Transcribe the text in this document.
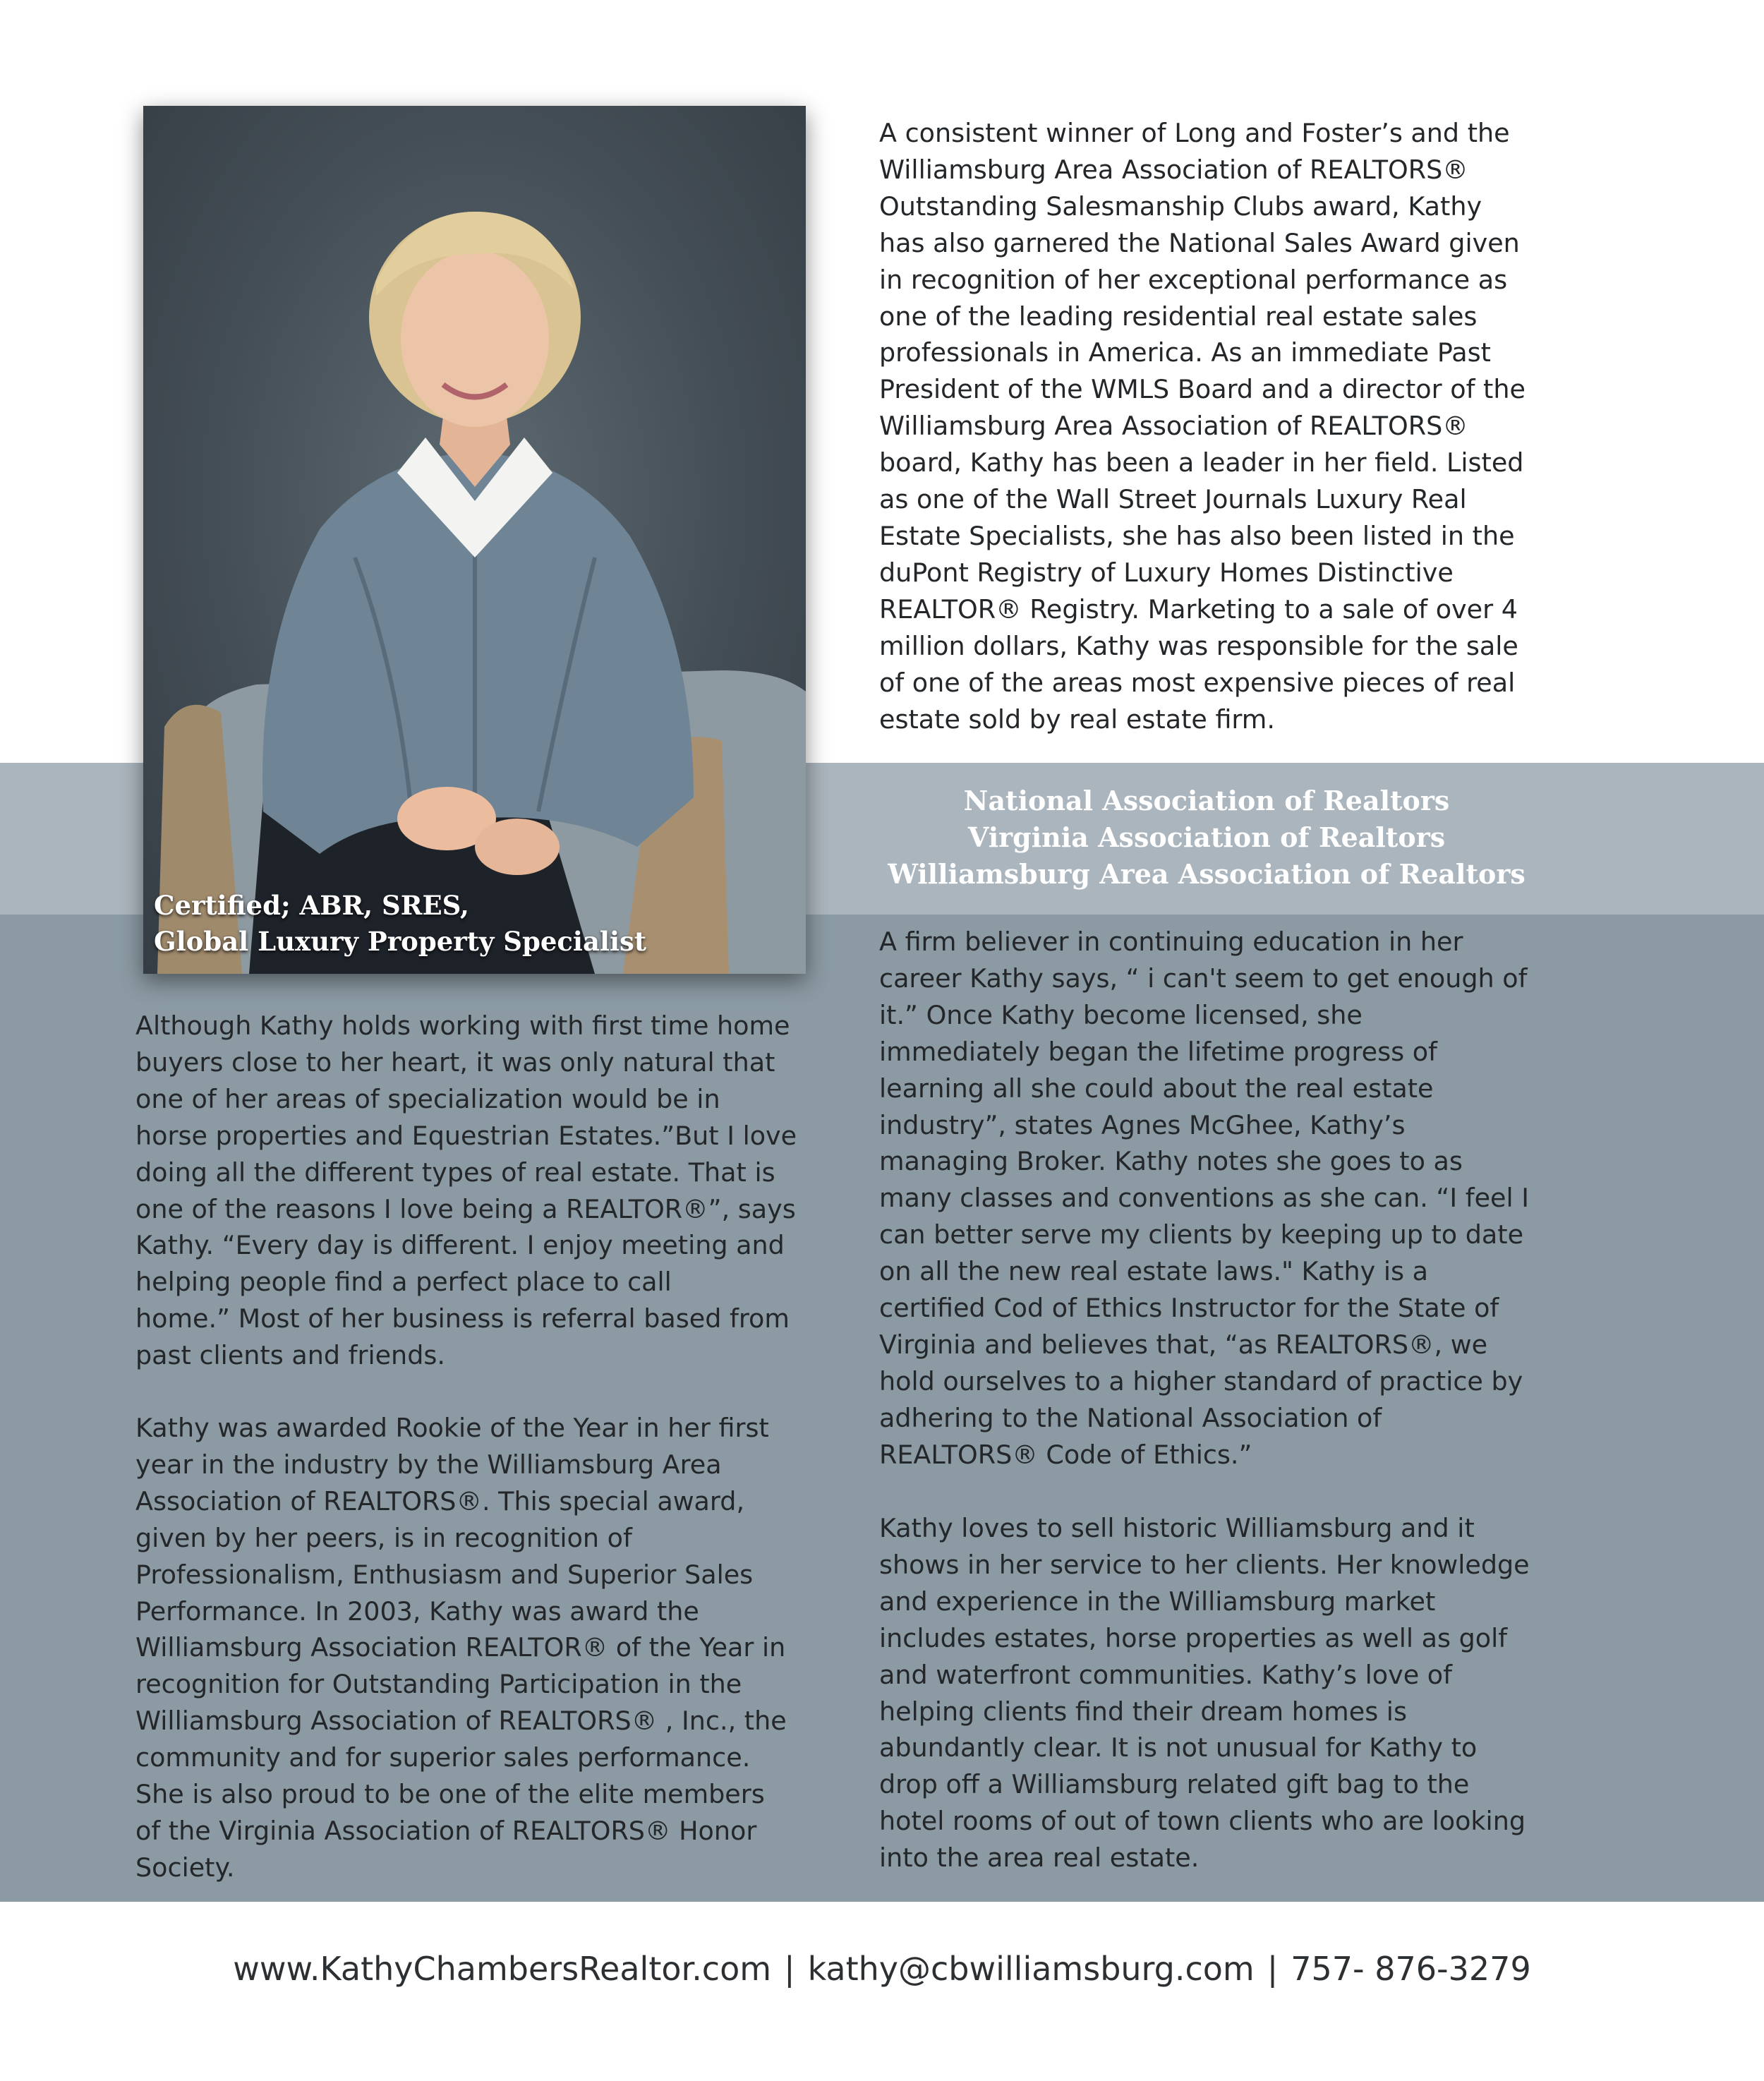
Certified; ABR, SRES,
Global Luxury Property Specialist

A consistent winner of Long and Foster’s and the
Williamsburg Area Association of REALTORS®
Outstanding Salesmanship Clubs award, Kathy
has also garnered the National Sales Award given
in recognition of her exceptional performance as
one of the leading residential real estate sales
professionals in America. As an immediate Past
President of the WMLS Board and a director of the
Williamsburg Area Association of REALTORS®
board, Kathy has been a leader in her field. Listed
as one of the Wall Street Journals Luxury Real
Estate Specialists, she has also been listed in the
duPont Registry of Luxury Homes Distinctive
REALTOR® Registry. Marketing to a sale of over 4
million dollars, Kathy was responsible for the sale
of one of the areas most expensive pieces of real
estate sold by real estate firm.

National Association of Realtors
Virginia Association of Realtors
Williamsburg Area Association of Realtors

Although Kathy holds working with first time home
buyers close to her heart, it was only natural that
one of her areas of specialization would be in
horse properties and Equestrian Estates.”But I love
doing all the different types of real estate. That is
one of the reasons I love being a REALTOR®”, says
Kathy. “Every day is different. I enjoy meeting and
helping people find a perfect place to call
home.” Most of her business is referral based from
past clients and friends.

Kathy was awarded Rookie of the Year in her first
year in the industry by the Williamsburg Area
Association of REALTORS®. This special award,
given by her peers, is in recognition of
Professionalism, Enthusiasm and Superior Sales
Performance. In 2003, Kathy was award the
Williamsburg Association REALTOR® of the Year in
recognition for Outstanding Participation in the
Williamsburg Association of REALTORS® , Inc., the
community and for superior sales performance.
She is also proud to be one of the elite members
of the Virginia Association of REALTORS® Honor
Society.

A firm believer in continuing education in her
career Kathy says, “ i can't seem to get enough of
it.” Once Kathy become licensed, she
immediately began the lifetime progress of
learning all she could about the real estate
industry”, states Agnes McGhee, Kathy’s
managing Broker. Kathy notes she goes to as
many classes and conventions as she can. “I feel I
can better serve my clients by keeping up to date
on all the new real estate laws." Kathy is a
certified Cod of Ethics Instructor for the State of
Virginia and believes that, “as REALTORS®, we
hold ourselves to a higher standard of practice by
adhering to the National Association of
REALTORS® Code of Ethics.”

Kathy loves to sell historic Williamsburg and it
shows in her service to her clients. Her knowledge
and experience in the Williamsburg market
includes estates, horse properties as well as golf
and waterfront communities. Kathy’s love of
helping clients find their dream homes is
abundantly clear. It is not unusual for Kathy to
drop off a Williamsburg related gift bag to the
hotel rooms of out of town clients who are looking
into the area real estate.

www.KathyChambersRealtor.com | kathy@cbwilliamsburg.com | 757- 876-3279
